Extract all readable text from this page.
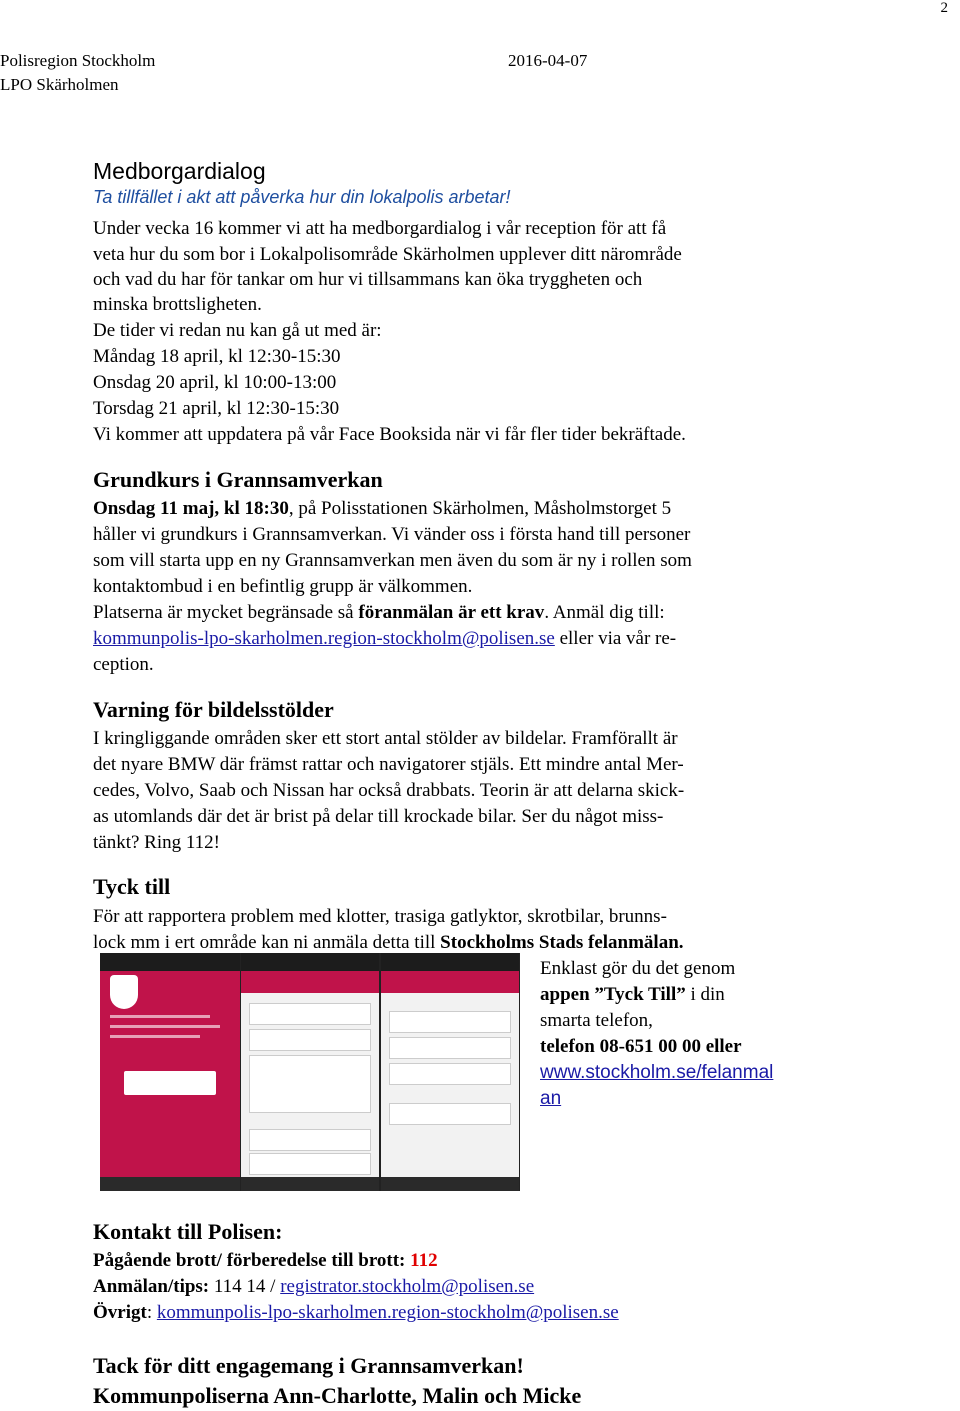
2
Polisregion Stockholm	2016-04-07
LPO Skärholmen
Medborgardialog
Ta tillfället i akt att påverka hur din lokalpolis arbetar!
Under vecka 16 kommer vi att ha medborgardialog i vår reception för att få
veta hur du som bor i Lokalpolisområde Skärholmen upplever ditt närområde
och vad du har för tankar om hur vi tillsammans kan öka tryggheten och
minska brottsligheten.
De tider vi redan nu kan gå ut med är:
Måndag 18 april, kl 12:30-15:30
Onsdag 20 april, kl 10:00-13:00
Torsdag 21 april, kl 12:30-15:30
Vi kommer att uppdatera på vår Face Booksida när vi får fler tider bekräftade.
Grundkurs i Grannsamverkan
Onsdag 11 maj, kl 18:30, på Polisstationen Skärholmen, Måsholmstorget 5
håller vi grundkurs i Grannsamverkan. Vi vänder oss i första hand till personer
som vill starta upp en ny Grannsamverkan men även du som är ny i rollen som
kontaktombud i en befintlig grupp är välkommen.
Platserna är mycket begränsade så föranmälan är ett krav. Anmäl dig till:
kommunpolis-lpo-skarholmen.region-stockholm@polisen.se eller via vår re-
ception.
Varning för bildelsstölder
I kringliggande områden sker ett stort antal stölder av bildelar. Framförallt är
det nyare BMW där främst rattar och navigatorer stjäls. Ett mindre antal Mer-
cedes, Volvo, Saab och Nissan har också drabbats. Teorin är att delarna skick-
as utomlands där det är brist på delar till krockade bilar. Ser du något miss-
tänkt? Ring 112!
Tyck till
För att rapportera problem med klotter, trasiga gatlyktor, skrotbilar, brunns-
lock mm i ert område kan ni anmäla detta till Stockholms Stads felanmälan.
Enklast gör du det genom
appen ”Tyck Till” i din
smarta telefon,
telefon 08-651 00 00 eller
www.stockholm.se/felanmal
an
Kontakt till Polisen:
Pågående brott/ förberedelse till brott: 112
Anmälan/tips: 114 14 / registrator.stockholm@polisen.se
Övrigt: kommunpolis-lpo-skarholmen.region-stockholm@polisen.se
Tack för ditt engagemang i Grannsamverkan!
Kommunpoliserna Ann-Charlotte, Malin och Micke
